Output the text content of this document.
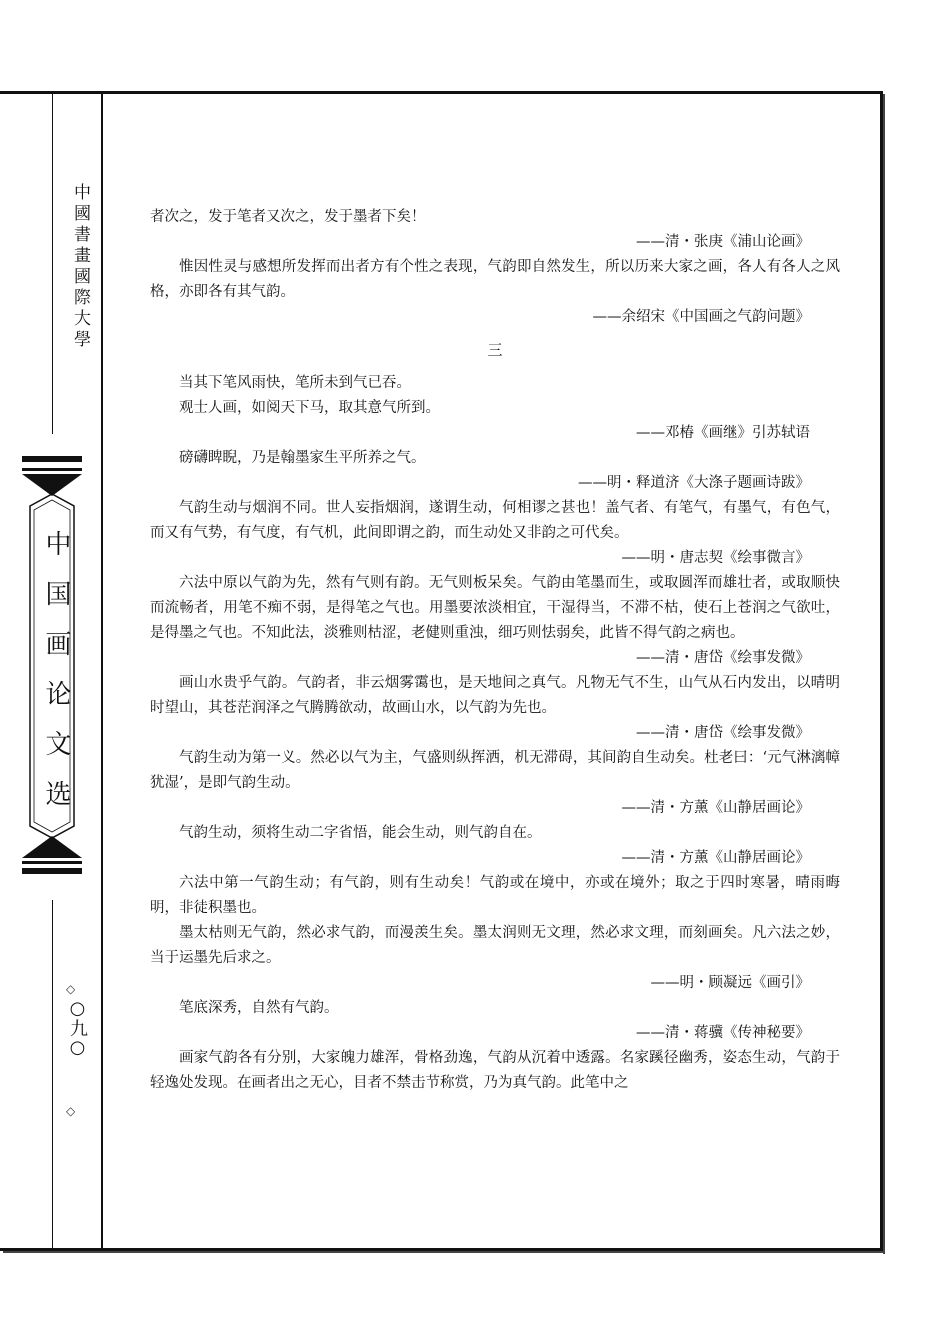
中國書畫國際大學
中国画论文选
◇
○九○
◇

者次之，发于笔者又次之，发于墨者下矣！

——清・张庚《浦山论画》

惟因性灵与感想所发挥而出者方有个性之表现，气韵即自然发生，所以历来大家之画，各人有各人之风格，亦即各有其气韵。

——余绍宋《中国画之气韵问题》

三

当其下笔风雨快，笔所未到气已吞。

观士人画，如阅天下马，取其意气所到。

——邓椿《画继》引苏轼语

磅礴睥睨，乃是翰墨家生平所养之气。

——明・释道济《大涤子题画诗跋》

气韵生动与烟润不同。世人妄指烟润，遂谓生动，何相谬之甚也！盖气者、有笔气，有墨气，有色气，而又有气势，有气度，有气机，此间即谓之韵，而生动处又非韵之可代矣。

——明・唐志契《绘事微言》

六法中原以气韵为先，然有气则有韵。无气则板呆矣。气韵由笔墨而生，或取圆浑而雄壮者，或取顺快而流畅者，用笔不痴不弱，是得笔之气也。用墨要浓淡相宜，干湿得当，不滞不枯，使石上苍润之气欲吐，是得墨之气也。不知此法，淡雅则枯涩，老健则重浊，细巧则怯弱矣，此皆不得气韵之病也。

——清・唐岱《绘事发微》

画山水贵乎气韵。气韵者，非云烟雾霭也，是天地间之真气。凡物无气不生，山气从石内发出，以晴明时望山，其苍茫润泽之气腾腾欲动，故画山水，以气韵为先也。

——清・唐岱《绘事发微》

气韵生动为第一义。然必以气为主，气盛则纵挥洒，机无滞碍，其间韵自生动矣。杜老曰：‘元气淋漓幛犹湿’，是即气韵生动。

——清・方薰《山静居画论》

气韵生动，须将生动二字省悟，能会生动，则气韵自在。

——清・方薰《山静居画论》

六法中第一气韵生动；有气韵，则有生动矣！气韵或在境中，亦或在境外；取之于四时寒暑，晴雨晦明，非徒积墨也。

墨太枯则无气韵，然必求气韵，而漫羡生矣。墨太润则无文理，然必求文理，而刻画矣。凡六法之妙，当于运墨先后求之。

——明・顾凝远《画引》

笔底深秀，自然有气韵。

——清・蒋骥《传神秘要》

画家气韵各有分别，大家魄力雄浑，骨格劲逸，气韵从沉着中透露。名家蹊径幽秀，姿态生动，气韵于轻逸处发现。在画者出之无心，目者不禁击节称赏，乃为真气韵。此笔中之
